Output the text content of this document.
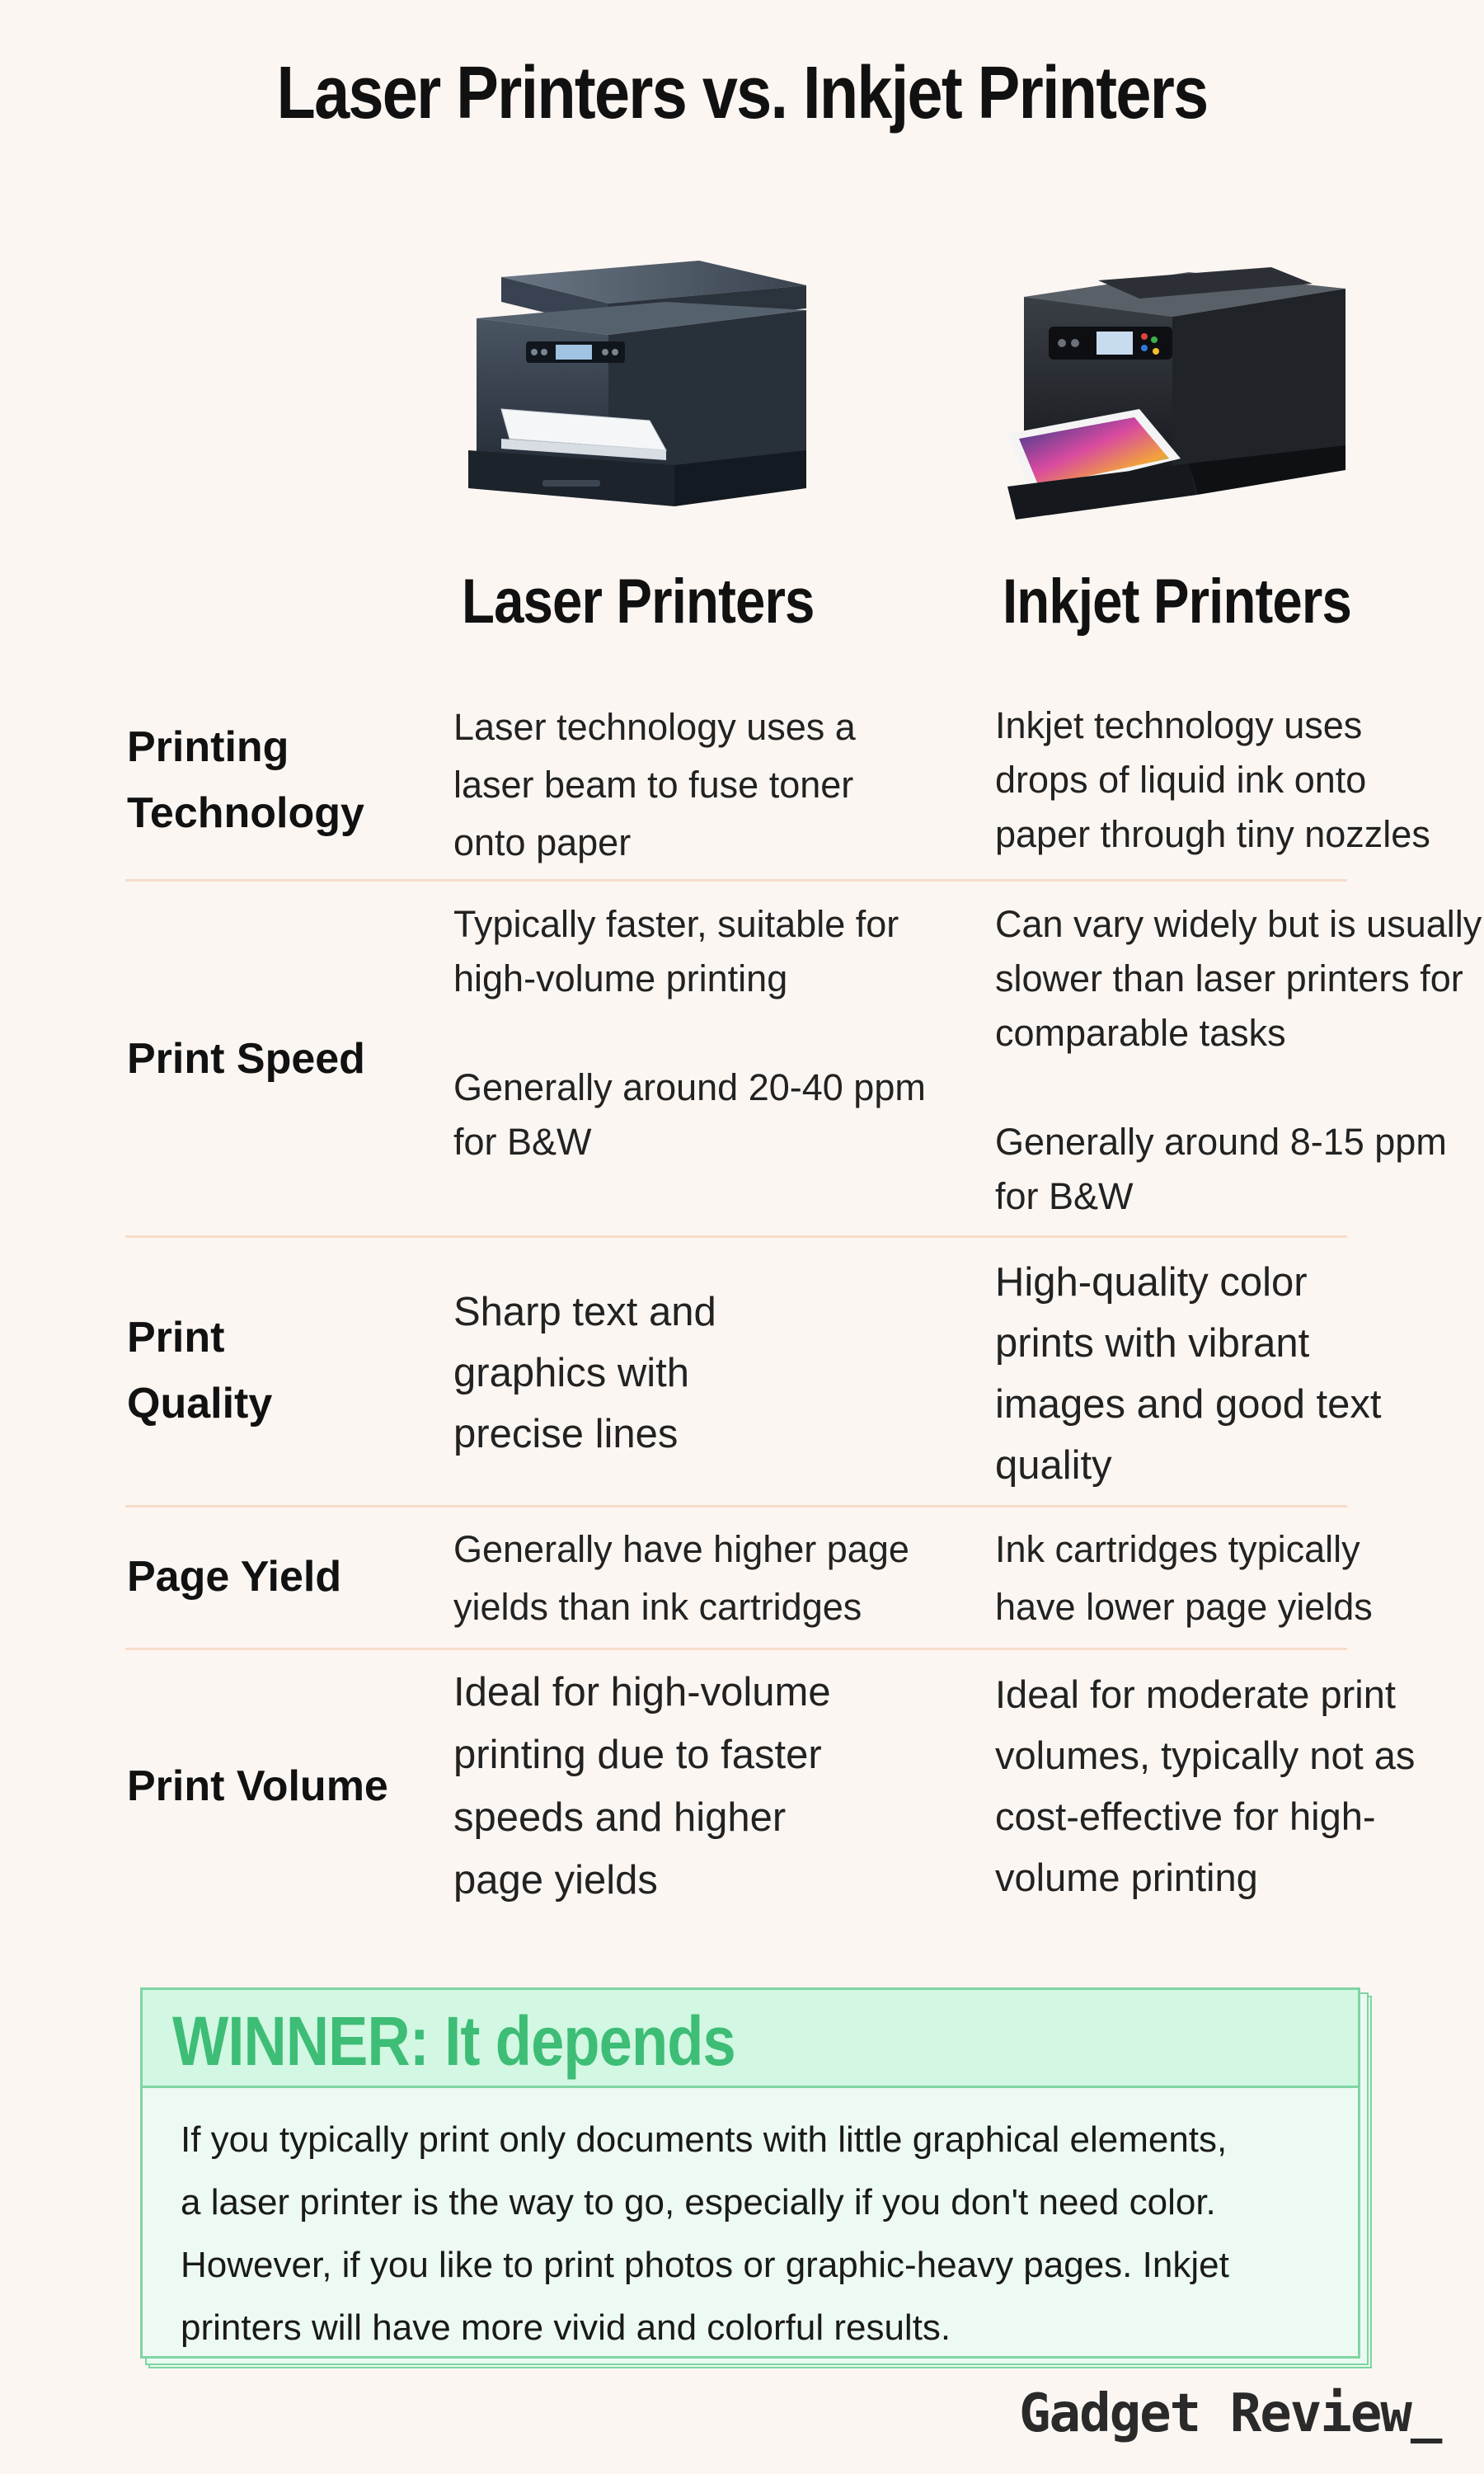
Laser Printers vs. Inkjet Printers
Laser Printers	Inkjet Printers
Printing
Technology

Laser technology uses a

laser beam to fuse toner

onto paper

Inkjet technology uses

drops of liquid ink onto

paper through tiny nozzles

Print Speed

Typically faster, suitable for

high-volume printing

Generally around 20-40 ppm

for B&W

Can vary widely but is usually

slower than laser printers for

comparable tasks

Generally around 8-15 ppm

for B&W

Print
Quality

Sharp text and

graphics with

precise lines

High-quality color

prints with vibrant

images and good text

quality

Page Yield

Generally have higher page

yields than ink cartridges

Ink cartridges typically

have lower page yields

Print Volume

Ideal for high-volume

printing due to faster

speeds and higher

page yields

Ideal for moderate print

volumes, typically not as

cost-effective for high-

volume printing

WINNER: It depends
If you typically print only documents with little graphical elements,
a laser printer is the way to go, especially if you don't need color.
However, if you like to print photos or graphic-heavy pages. Inkjet
printers will have more vivid and colorful results.
Gadget Review_
